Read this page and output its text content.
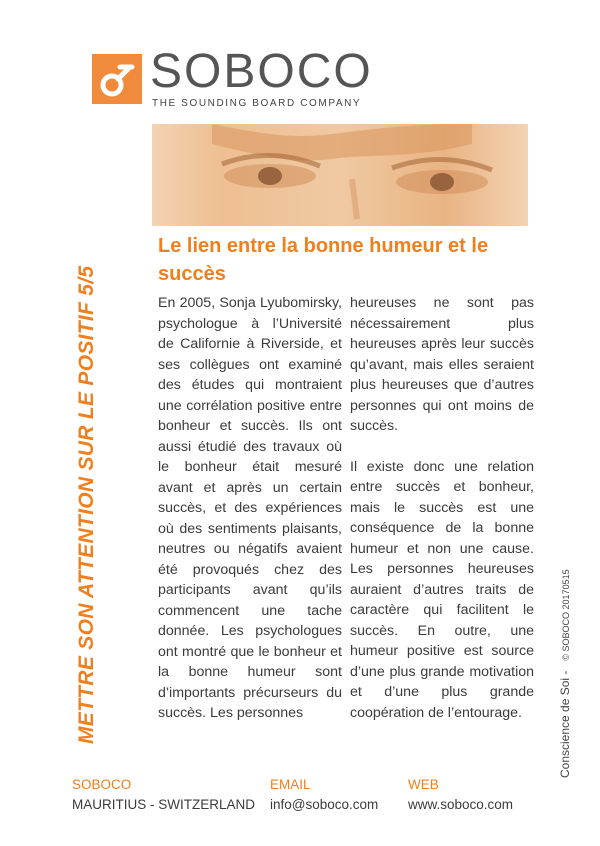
SOBOCO
THE SOUNDING BOARD COMPANY
METTRE SON ATTENTION SUR LE POSITIF 5/5
Le lien entre la bonne humeur et le succès

En 2005, Sonja Lyubomirsky, psychologue à l’Université de Californie à Riverside, et ses collègues ont examiné des études qui montraient une corrélation positive entre bonheur et succès. Ils ont aussi étudié des travaux où le bonheur était mesuré avant et après un certain succès, et des expériences où des sentiments plaisants, neutres ou négatifs avaient été provoqués chez des participants avant qu’ils commencent une tache donnée. Les psychologues ont montré que le bonheur et la bonne humeur sont d’importants précurseurs du succès. Les personnes

heureuses ne sont pas nécessairement plus heureuses après leur succès qu’avant, mais elles seraient plus heureuses que d’autres personnes qui ont moins de succès.

Il existe donc une relation entre succès et bonheur, mais le succès est une conséquence de la bonne humeur et non une cause. Les personnes heureuses auraient d’autres traits de caractère qui facilitent le succès. En outre, une humeur positive est source d’une plus grande motivation et d’une plus grande coopération de l’entourage.	Conscience de Soi -   © SOBOCO 20170515
SOBOCO
MAURITIUS - SWITZERLAND
EMAIL
info@soboco.com
WEB
www.soboco.com
